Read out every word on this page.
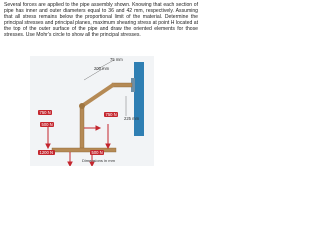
Several forces are applied to the pipe assembly shown. Knowing that each section of pipe has inner and outer diameters equal to 36 and 42 mm, respectively. Assuming that all stress remains below the proportional limit of the material. Determine the principal stresses and principal planes, maximum shearing stress at point H located at the top of the outer surface of the pipe and draw the oriented elements for those stresses. Use Mohr's circle to show all the principal stresses.
75 mm
200 mm
225 mm
750 N
500 N
750 N
1200 N	500 N
Dimensions in mm
